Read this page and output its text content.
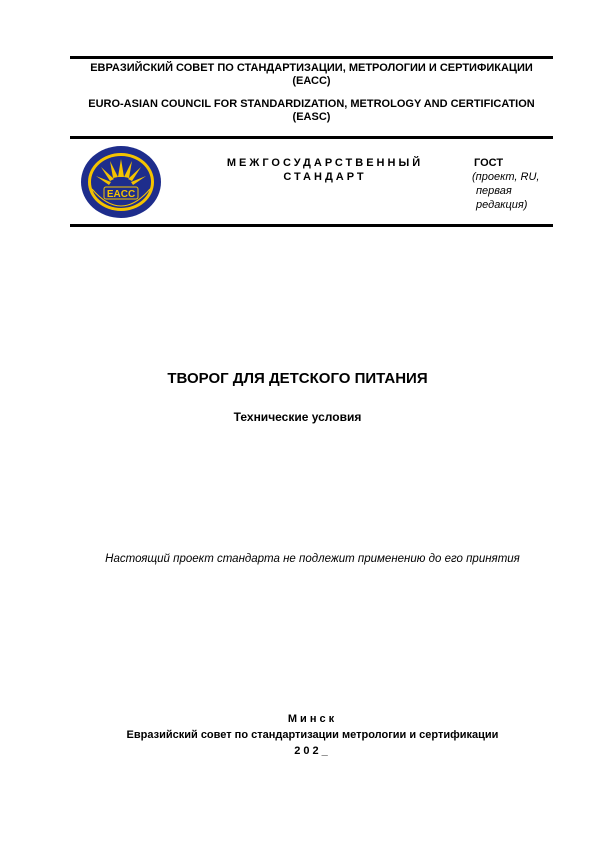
ЕВРАЗИЙСКИЙ СОВЕТ ПО СТАНДАРТИЗАЦИИ, МЕТРОЛОГИИ И СЕРТИФИКАЦИИ
(ЕАСС)
EURO-ASIAN COUNCIL FOR STANDARDIZATION, METROLOGY AND CERTIFICATION
(EASC)
EACC
МЕЖГОСУДАРСТВЕННЫЙ
СТАНДАРТ
ГОСТ
(проект, RU,
первая
редакция)
ТВОРОГ ДЛЯ ДЕТСКОГО ПИТАНИЯ
Технические условия
Настоящий проект стандарта не подлежит применению до его принятия
Минск
Евразийский совет по стандартизации метрологии и сертификации
202_
